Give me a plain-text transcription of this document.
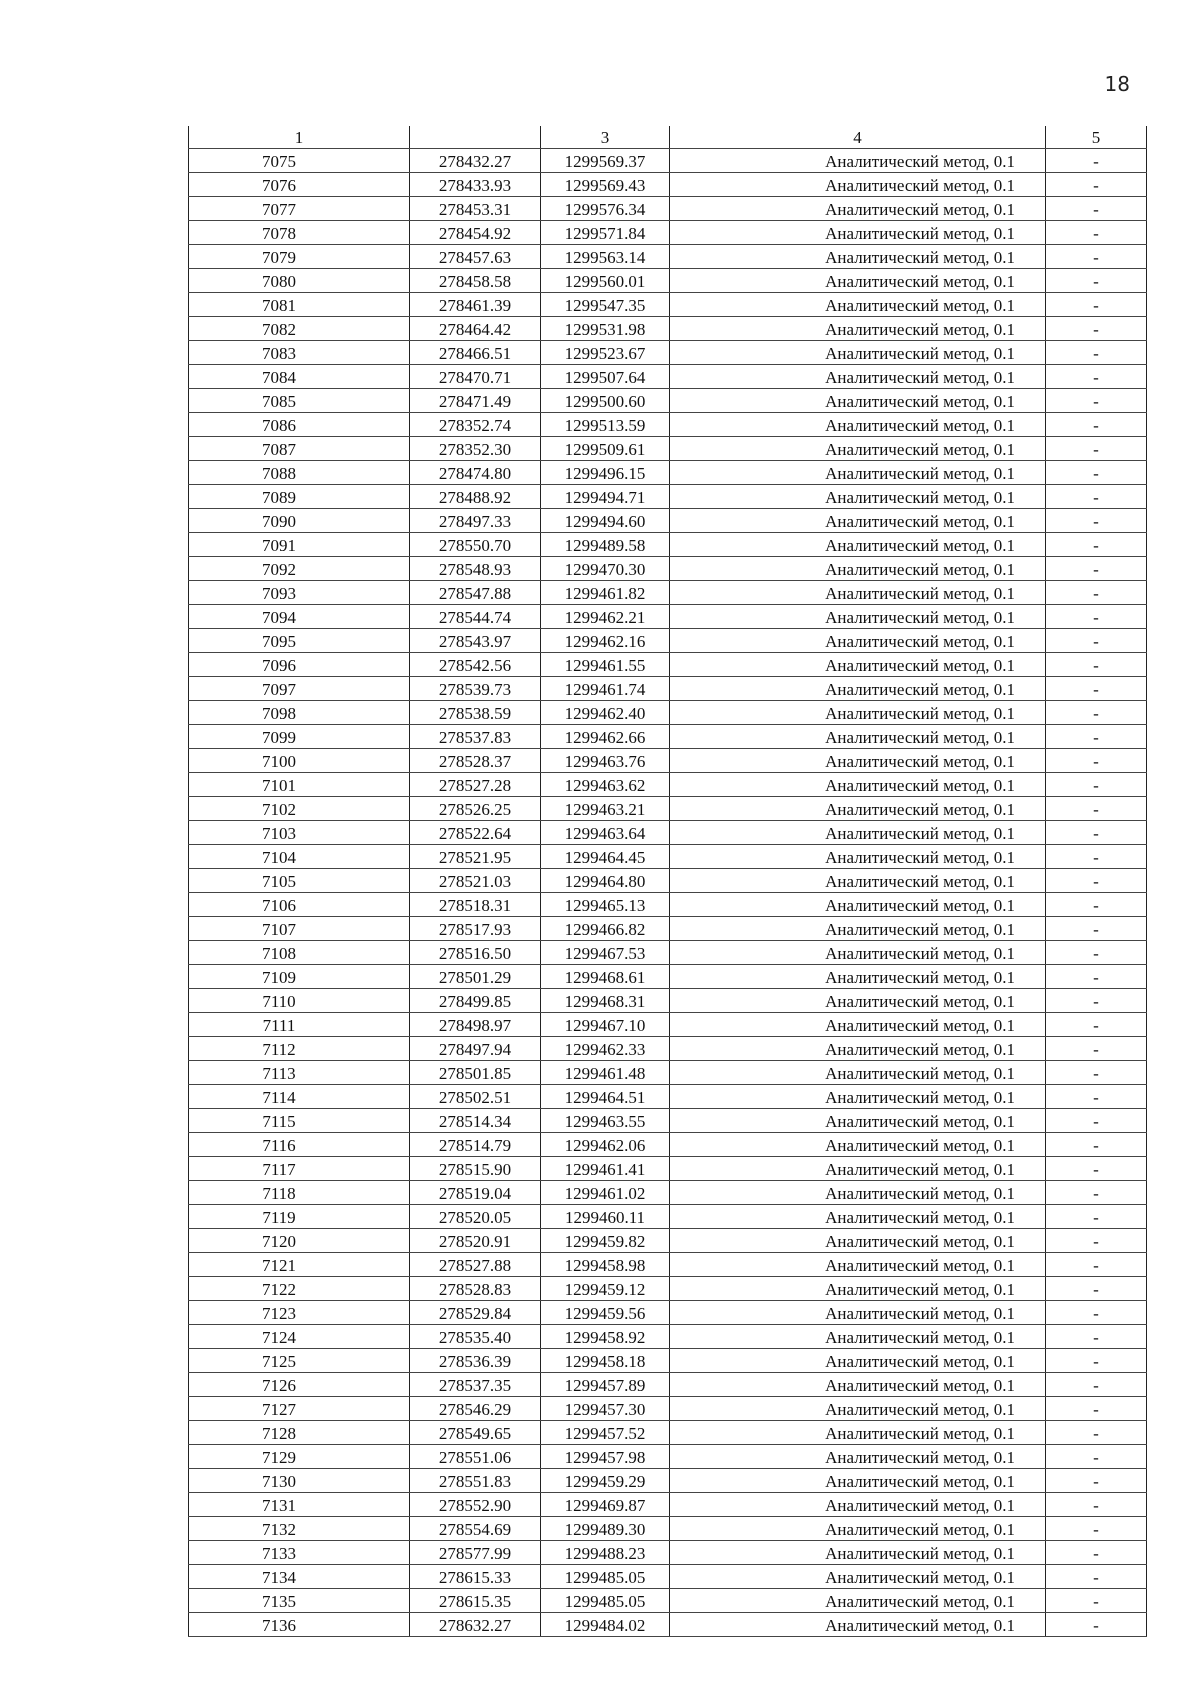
18
1		3	4	5
7075	278432.27	1299569.37	Аналитический метод, 0.1	-
7076	278433.93	1299569.43	Аналитический метод, 0.1	-
7077	278453.31	1299576.34	Аналитический метод, 0.1	-
7078	278454.92	1299571.84	Аналитический метод, 0.1	-
7079	278457.63	1299563.14	Аналитический метод, 0.1	-
7080	278458.58	1299560.01	Аналитический метод, 0.1	-
7081	278461.39	1299547.35	Аналитический метод, 0.1	-
7082	278464.42	1299531.98	Аналитический метод, 0.1	-
7083	278466.51	1299523.67	Аналитический метод, 0.1	-
7084	278470.71	1299507.64	Аналитический метод, 0.1	-
7085	278471.49	1299500.60	Аналитический метод, 0.1	-
7086	278352.74	1299513.59	Аналитический метод, 0.1	-
7087	278352.30	1299509.61	Аналитический метод, 0.1	-
7088	278474.80	1299496.15	Аналитический метод, 0.1	-
7089	278488.92	1299494.71	Аналитический метод, 0.1	-
7090	278497.33	1299494.60	Аналитический метод, 0.1	-
7091	278550.70	1299489.58	Аналитический метод, 0.1	-
7092	278548.93	1299470.30	Аналитический метод, 0.1	-
7093	278547.88	1299461.82	Аналитический метод, 0.1	-
7094	278544.74	1299462.21	Аналитический метод, 0.1	-
7095	278543.97	1299462.16	Аналитический метод, 0.1	-
7096	278542.56	1299461.55	Аналитический метод, 0.1	-
7097	278539.73	1299461.74	Аналитический метод, 0.1	-
7098	278538.59	1299462.40	Аналитический метод, 0.1	-
7099	278537.83	1299462.66	Аналитический метод, 0.1	-
7100	278528.37	1299463.76	Аналитический метод, 0.1	-
7101	278527.28	1299463.62	Аналитический метод, 0.1	-
7102	278526.25	1299463.21	Аналитический метод, 0.1	-
7103	278522.64	1299463.64	Аналитический метод, 0.1	-
7104	278521.95	1299464.45	Аналитический метод, 0.1	-
7105	278521.03	1299464.80	Аналитический метод, 0.1	-
7106	278518.31	1299465.13	Аналитический метод, 0.1	-
7107	278517.93	1299466.82	Аналитический метод, 0.1	-
7108	278516.50	1299467.53	Аналитический метод, 0.1	-
7109	278501.29	1299468.61	Аналитический метод, 0.1	-
7110	278499.85	1299468.31	Аналитический метод, 0.1	-
7111	278498.97	1299467.10	Аналитический метод, 0.1	-
7112	278497.94	1299462.33	Аналитический метод, 0.1	-
7113	278501.85	1299461.48	Аналитический метод, 0.1	-
7114	278502.51	1299464.51	Аналитический метод, 0.1	-
7115	278514.34	1299463.55	Аналитический метод, 0.1	-
7116	278514.79	1299462.06	Аналитический метод, 0.1	-
7117	278515.90	1299461.41	Аналитический метод, 0.1	-
7118	278519.04	1299461.02	Аналитический метод, 0.1	-
7119	278520.05	1299460.11	Аналитический метод, 0.1	-
7120	278520.91	1299459.82	Аналитический метод, 0.1	-
7121	278527.88	1299458.98	Аналитический метод, 0.1	-
7122	278528.83	1299459.12	Аналитический метод, 0.1	-
7123	278529.84	1299459.56	Аналитический метод, 0.1	-
7124	278535.40	1299458.92	Аналитический метод, 0.1	-
7125	278536.39	1299458.18	Аналитический метод, 0.1	-
7126	278537.35	1299457.89	Аналитический метод, 0.1	-
7127	278546.29	1299457.30	Аналитический метод, 0.1	-
7128	278549.65	1299457.52	Аналитический метод, 0.1	-
7129	278551.06	1299457.98	Аналитический метод, 0.1	-
7130	278551.83	1299459.29	Аналитический метод, 0.1	-
7131	278552.90	1299469.87	Аналитический метод, 0.1	-
7132	278554.69	1299489.30	Аналитический метод, 0.1	-
7133	278577.99	1299488.23	Аналитический метод, 0.1	-
7134	278615.33	1299485.05	Аналитический метод, 0.1	-
7135	278615.35	1299485.05	Аналитический метод, 0.1	-
7136	278632.27	1299484.02	Аналитический метод, 0.1	-
